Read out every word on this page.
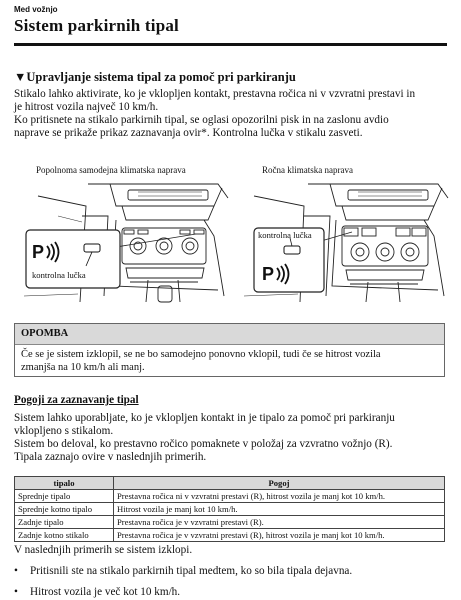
Med vožnjo
Sistem parkirnih tipal
▼Upravljanje sistema tipal za pomoč pri parkiranju
Stikalo lahko aktivirate, ko je vklopljen kontakt, prestavna ročica ni v vzvratni prestavi in
je hitrost vozila največ 10 km/h.
Ko pritisnete na stikalo parkirnih tipal, se oglasi opozorilni pisk in na zaslonu avdio
naprave se prikaže prikaz zaznavanja ovir*. Kontrolna lučka v stikalu zasveti.
Popolnoma samodejna klimatska naprava	Ročna klimatska naprava
P
kontrolna lučka
kontrolna lučka
P
OPOMBA
Če se je sistem izklopil, se ne bo samodejno ponovno vklopil, tudi če se hitrost vozila
zmanjša na 10 km/h ali manj.
Pogoji za zaznavanje tipal
Sistem lahko uporabljate, ko je vklopljen kontakt in je tipalo za pomoč pri parkiranju
vklopljeno s stikalom.
Sistem bo deloval, ko prestavno ročico pomaknete v položaj za vzvratno vožnjo (R).
Tipala zaznajo ovire v naslednjih primerih.
tipalo	Pogoj
Sprednje tipalo	Prestavna ročica ni v vzvratni prestavi (R), hitrost vozila je manj kot 10 km/h.
Sprednje kotno tipalo	Hitrost vozila je manj kot 10 km/h.
Zadnje tipalo	Prestavna ročica je v vzvratni prestavi (R).
Zadnje kotno stikalo	Prestavna ročica je v vzvratni prestavi (R), hitrost vozila je manj kot 10 km/h.
V naslednjih primerih se sistem izklopi.
• Pritisnili ste na stikalo parkirnih tipal medtem, ko so bila tipala dejavna.
• Hitrost vozila je več kot 10 km/h.
